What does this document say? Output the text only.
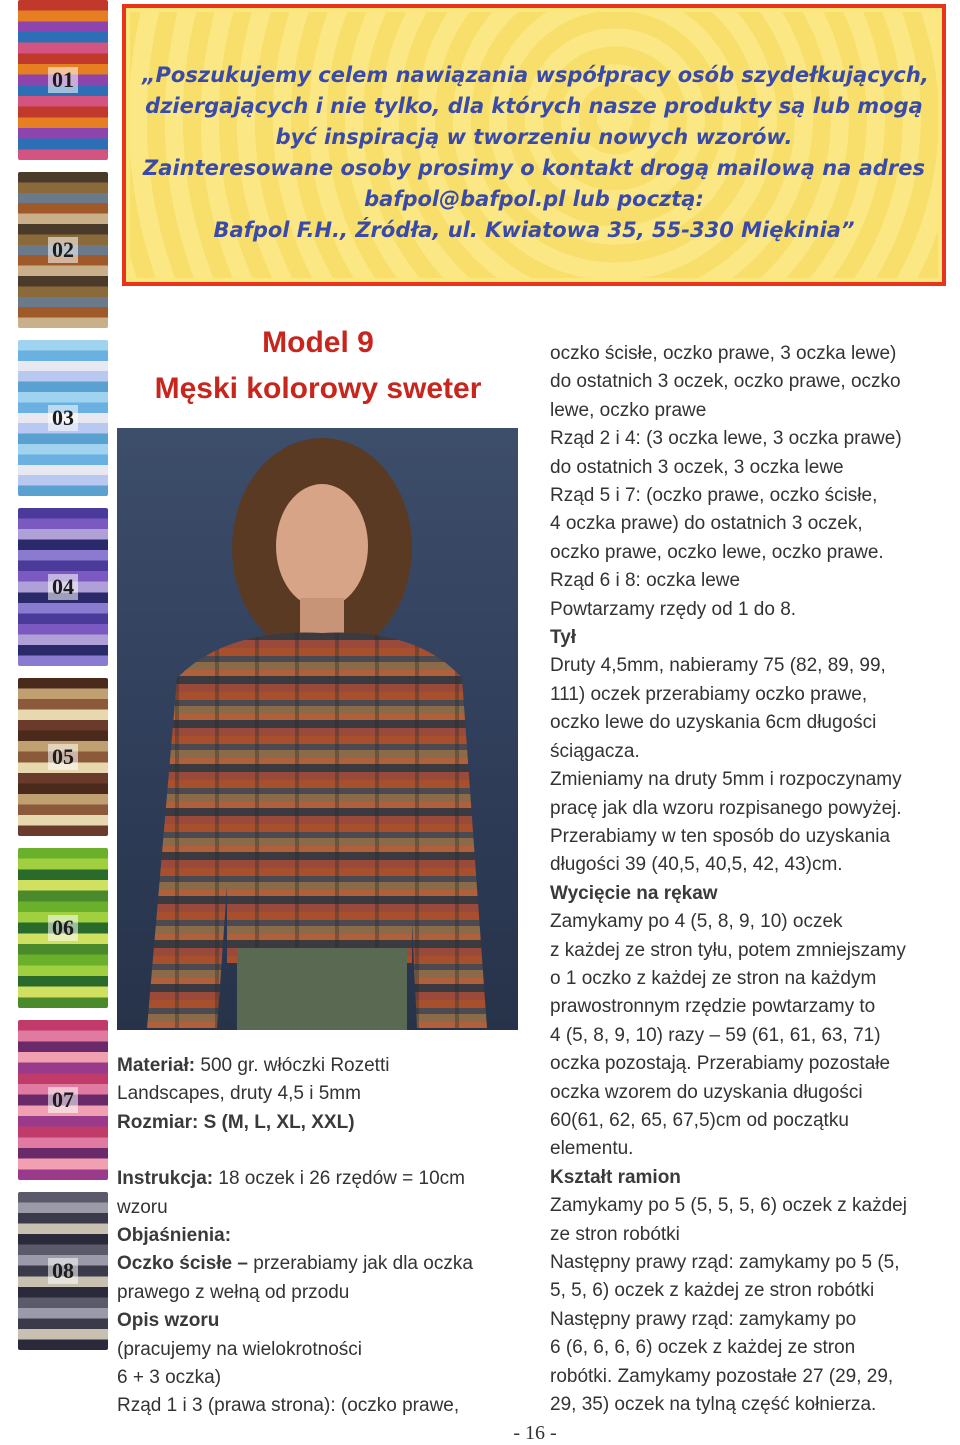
01
02
03
04
05
06
07
08
„Poszukujemy celem nawiązania współpracy osób szydełkujących,
dziergających i nie tylko, dla których nasze produkty są lub mogą
być inspiracją w tworzeniu nowych wzorów.
Zainteresowane osoby prosimy o kontakt drogą mailową na adres
bafpol@bafpol.pl lub pocztą:
Bafpol F.H., Źródła, ul. Kwiatowa 35, 55-330 Miękinia”
Model 9
Męski kolorowy sweter
Materiał: 500 gr. włóczki Rozetti
Landscapes, druty 4,5 i 5mm
Rozmiar: S (M, L, XL, XXL)
Instrukcja: 18 oczek i 26 rzędów = 10cm
wzoru
Objaśnienia:
Oczko ścisłe – przerabiamy jak dla oczka
prawego z wełną od przodu
Opis wzoru
(pracujemy na wielokrotności
6 + 3 oczka)
Rząd 1 i 3 (prawa strona): (oczko prawe,
oczko ścisłe, oczko prawe, 3 oczka lewe)
do ostatnich 3 oczek, oczko prawe, oczko
lewe, oczko prawe
Rząd 2 i 4: (3 oczka lewe, 3 oczka prawe)
do ostatnich 3 oczek, 3 oczka lewe
Rząd 5 i 7: (oczko prawe, oczko ścisłe,
4 oczka prawe) do ostatnich 3 oczek,
oczko prawe, oczko lewe, oczko prawe.
Rząd 6 i 8: oczka lewe
Powtarzamy rzędy od 1 do 8.
Tył
Druty 4,5mm, nabieramy 75 (82, 89, 99,
111) oczek przerabiamy oczko prawe,
oczko lewe do uzyskania 6cm długości
ściągacza.
Zmieniamy na druty 5mm i rozpoczynamy
pracę jak dla wzoru rozpisanego powyżej.
Przerabiamy w ten sposób do uzyskania
długości 39 (40,5, 40,5, 42, 43)cm.
Wycięcie na rękaw
Zamykamy po 4 (5, 8, 9, 10) oczek
z każdej ze stron tyłu, potem zmniejszamy
o 1 oczko z każdej ze stron na każdym
prawostronnym rzędzie powtarzamy to
4 (5, 8, 9, 10) razy – 59 (61, 61, 63, 71)
oczka pozostają. Przerabiamy pozostałe
oczka wzorem do uzyskania długości
60(61, 62, 65, 67,5)cm od początku
elementu.
Kształt ramion
Zamykamy po 5 (5, 5, 5, 6) oczek z każdej
ze stron robótki
Następny prawy rząd: zamykamy po 5 (5,
5, 5, 6) oczek z każdej ze stron robótki
Następny prawy rząd: zamykamy po
6 (6, 6, 6, 6) oczek z każdej ze stron
robótki. Zamykamy pozostałe 27 (29, 29,
29, 35) oczek na tylną część kołnierza.
- 16 -
